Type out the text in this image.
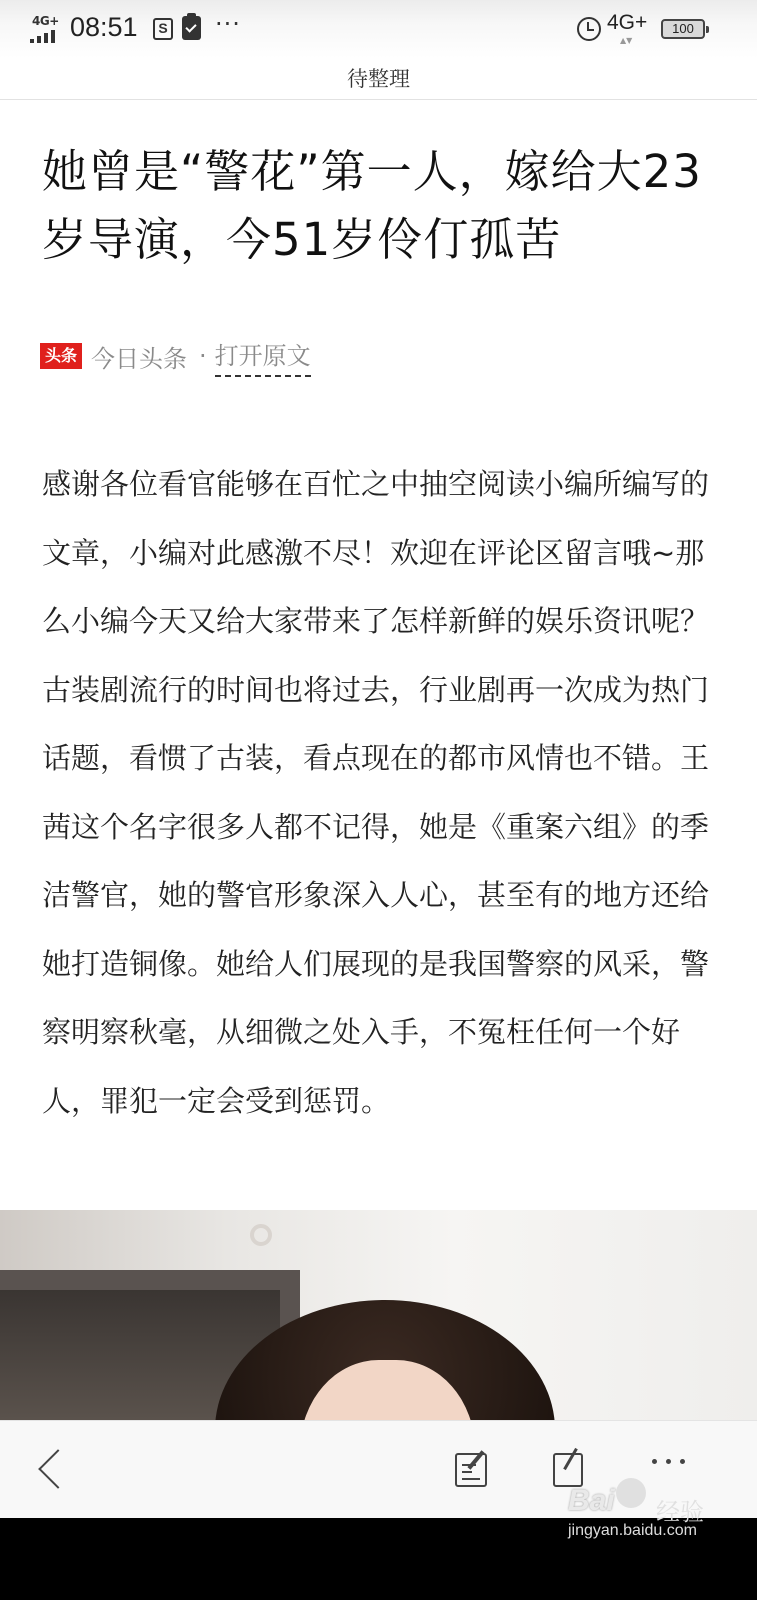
4G+ 08:51	S ···	4G+
▲▼
100
待整理
她曾是“警花”第一人，嫁给大23岁导演，今51岁伶仃孤苦
头条 今日头条 · 打开原文

感谢各位看官能够在百忙之中抽空阅读小编所编写的文章，小编对此感激不尽！欢迎在评论区留言哦~那么小编今天又给大家带来了怎样新鲜的娱乐资讯呢？古装剧流行的时间也将过去，行业剧再一次成为热门话题，看惯了古装，看点现在的都市风情也不错。王茜这个名字很多人都不记得，她是《重案六组》的季洁警官，她的警官形象深入人心，甚至有的地方还给她打造铜像。她给人们展现的是我国警察的风采，警察明察秋毫，从细微之处入手，不冤枉任何一个好人，罪犯一定会受到惩罚。

Bai 经验
jingyan.baidu.com
